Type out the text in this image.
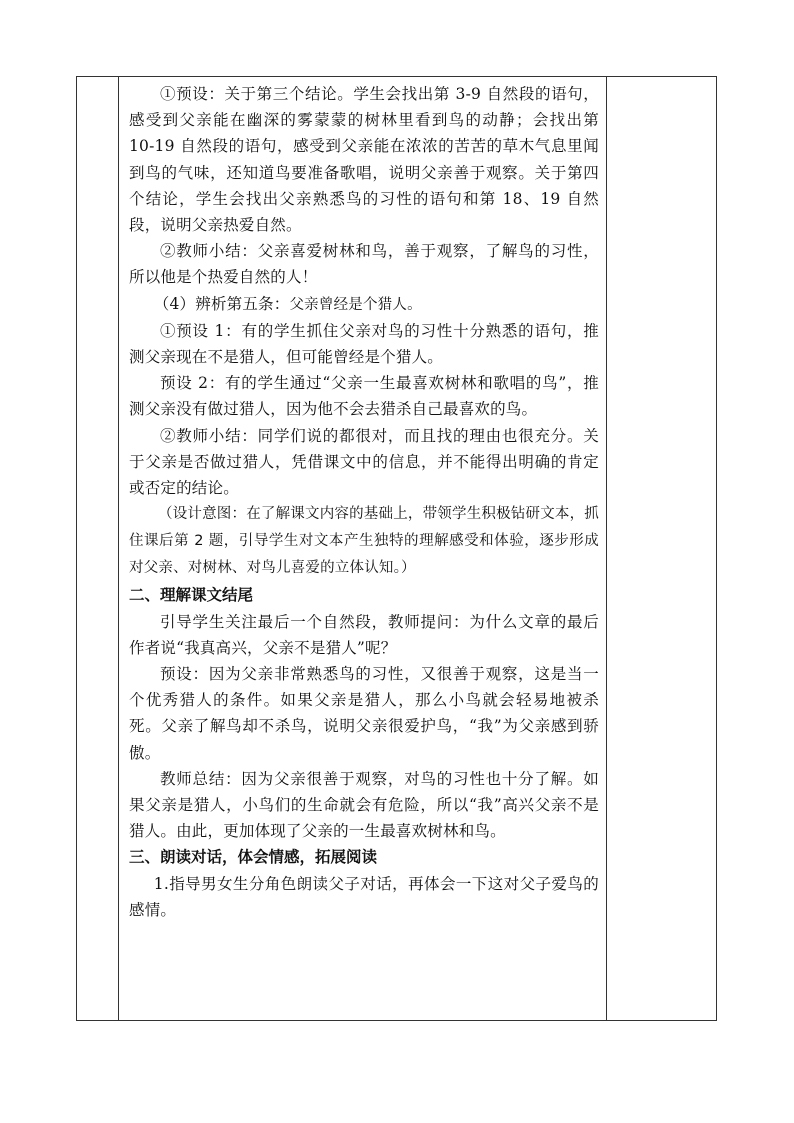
①预设：关于第三个结论。学生会找出第 3-9 自然段的语句，感受到父亲能在幽深的雾蒙蒙的树林里看到鸟的动静；会找出第 10-19 自然段的语句，感受到父亲能在浓浓的苦苦的草木气息里闻到鸟的气味，还知道鸟要准备歌唱，说明父亲善于观察。关于第四个结论，学生会找出父亲熟悉鸟的习性的语句和第 18、19 自然段，说明父亲热爱自然。

②教师小结：父亲喜爱树林和鸟，善于观察，了解鸟的习性，所以他是个热爱自然的人！

（4）辨析第五条：父亲曾经是个猎人。

①预设 1：有的学生抓住父亲对鸟的习性十分熟悉的语句，推测父亲现在不是猎人，但可能曾经是个猎人。

预设 2：有的学生通过“父亲一生最喜欢树林和歌唱的鸟”，推测父亲没有做过猎人，因为他不会去猎杀自己最喜欢的鸟。

②教师小结：同学们说的都很对，而且找的理由也很充分。关于父亲是否做过猎人，凭借课文中的信息，并不能得出明确的肯定或否定的结论。

（设计意图：在了解课文内容的基础上，带领学生积极钻研文本，抓住课后第 2 题，引导学生对文本产生独特的理解感受和体验，逐步形成对父亲、对树林、对鸟儿喜爱的立体认知。）

二、理解课文结尾

引导学生关注最后一个自然段，教师提问：为什么文章的最后作者说“我真高兴，父亲不是猎人”呢？

预设：因为父亲非常熟悉鸟的习性，又很善于观察，这是当一个优秀猎人的条件。如果父亲是猎人，那么小鸟就会轻易地被杀死。父亲了解鸟却不杀鸟，说明父亲很爱护鸟，“我”为父亲感到骄傲。

教师总结：因为父亲很善于观察，对鸟的习性也十分了解。如果父亲是猎人，小鸟们的生命就会有危险，所以“我”高兴父亲不是猎人。由此，更加体现了父亲的一生最喜欢树林和鸟。

三、朗读对话，体会情感，拓展阅读

1.指导男女生分角色朗读父子对话，再体会一下这对父子爱鸟的感情。
